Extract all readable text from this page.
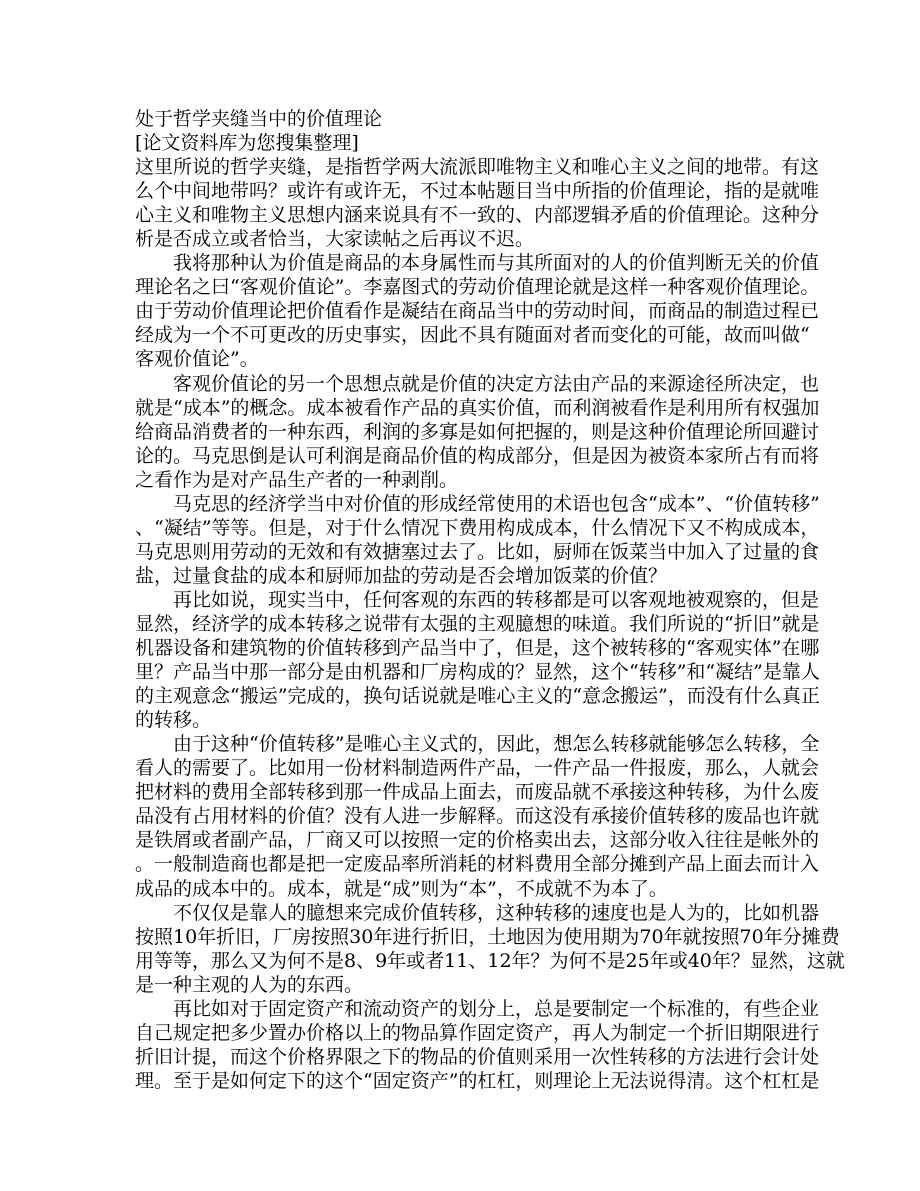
处于哲学夹缝当中的价值理论
[论文资料库为您搜集整理]
这里所说的哲学夹缝，是指哲学两大流派即唯物主义和唯心主义之间的地带。有这
么个中间地带吗？或许有或许无，不过本帖题目当中所指的价值理论，指的是就唯
心主义和唯物主义思想内涵来说具有不一致的、内部逻辑矛盾的价值理论。这种分
析是否成立或者恰当，大家读帖之后再议不迟。
我将那种认为价值是商品的本身属性而与其所面对的人的价值判断无关的价值
理论名之曰“客观价值论”。李嘉图式的劳动价值理论就是这样一种客观价值理论。
由于劳动价值理论把价值看作是凝结在商品当中的劳动时间，而商品的制造过程已
经成为一个不可更改的历史事实，因此不具有随面对者而变化的可能，故而叫做“
客观价值论”。
客观价值论的另一个思想点就是价值的决定方法由产品的来源途径所决定，也
就是“成本”的概念。成本被看作产品的真实价值，而利润被看作是利用所有权强加
给商品消费者的一种东西，利润的多寡是如何把握的，则是这种价值理论所回避讨
论的。马克思倒是认可利润是商品价值的构成部分，但是因为被资本家所占有而将
之看作为是对产品生产者的一种剥削。
马克思的经济学当中对价值的形成经常使用的术语也包含“成本”、“价值转移”
、“凝结”等等。但是，对于什么情况下费用构成成本，什么情况下又不构成成本，
马克思则用劳动的无效和有效搪塞过去了。比如，厨师在饭菜当中加入了过量的食
盐，过量食盐的成本和厨师加盐的劳动是否会增加饭菜的价值？
再比如说，现实当中，任何客观的东西的转移都是可以客观地被观察的，但是
显然，经济学的成本转移之说带有太强的主观臆想的味道。我们所说的“折旧”就是
机器设备和建筑物的价值转移到产品当中了，但是，这个被转移的“客观实体”在哪
里？产品当中那一部分是由机器和厂房构成的？显然，这个“转移”和“凝结”是靠人
的主观意念“搬运”完成的，换句话说就是唯心主义的“意念搬运”，而没有什么真正
的转移。
由于这种“价值转移”是唯心主义式的，因此，想怎么转移就能够怎么转移，全
看人的需要了。比如用一份材料制造两件产品，一件产品一件报废，那么，人就会
把材料的费用全部转移到那一件成品上面去，而废品就不承接这种转移，为什么废
品没有占用材料的价值？没有人进一步解释。而这没有承接价值转移的废品也许就
是铁屑或者副产品，厂商又可以按照一定的价格卖出去，这部分收入往往是帐外的
。一般制造商也都是把一定废品率所消耗的材料费用全部分摊到产品上面去而计入
成品的成本中的。成本，就是“成”则为“本”，不成就不为本了。
不仅仅是靠人的臆想来完成价值转移，这种转移的速度也是人为的，比如机器
按照10年折旧，厂房按照30年进行折旧，土地因为使用期为70年就按照70年分摊费
用等等，那么又为何不是8、9年或者11、12年？为何不是25年或40年？显然，这就
是一种主观的人为的东西。
再比如对于固定资产和流动资产的划分上，总是要制定一个标准的，有些企业
自己规定把多少置办价格以上的物品算作固定资产，再人为制定一个折旧期限进行
折旧计提，而这个价格界限之下的物品的价值则采用一次性转移的方法进行会计处
理。至于是如何定下的这个“固定资产”的杠杠，则理论上无法说得清。这个杠杠是
